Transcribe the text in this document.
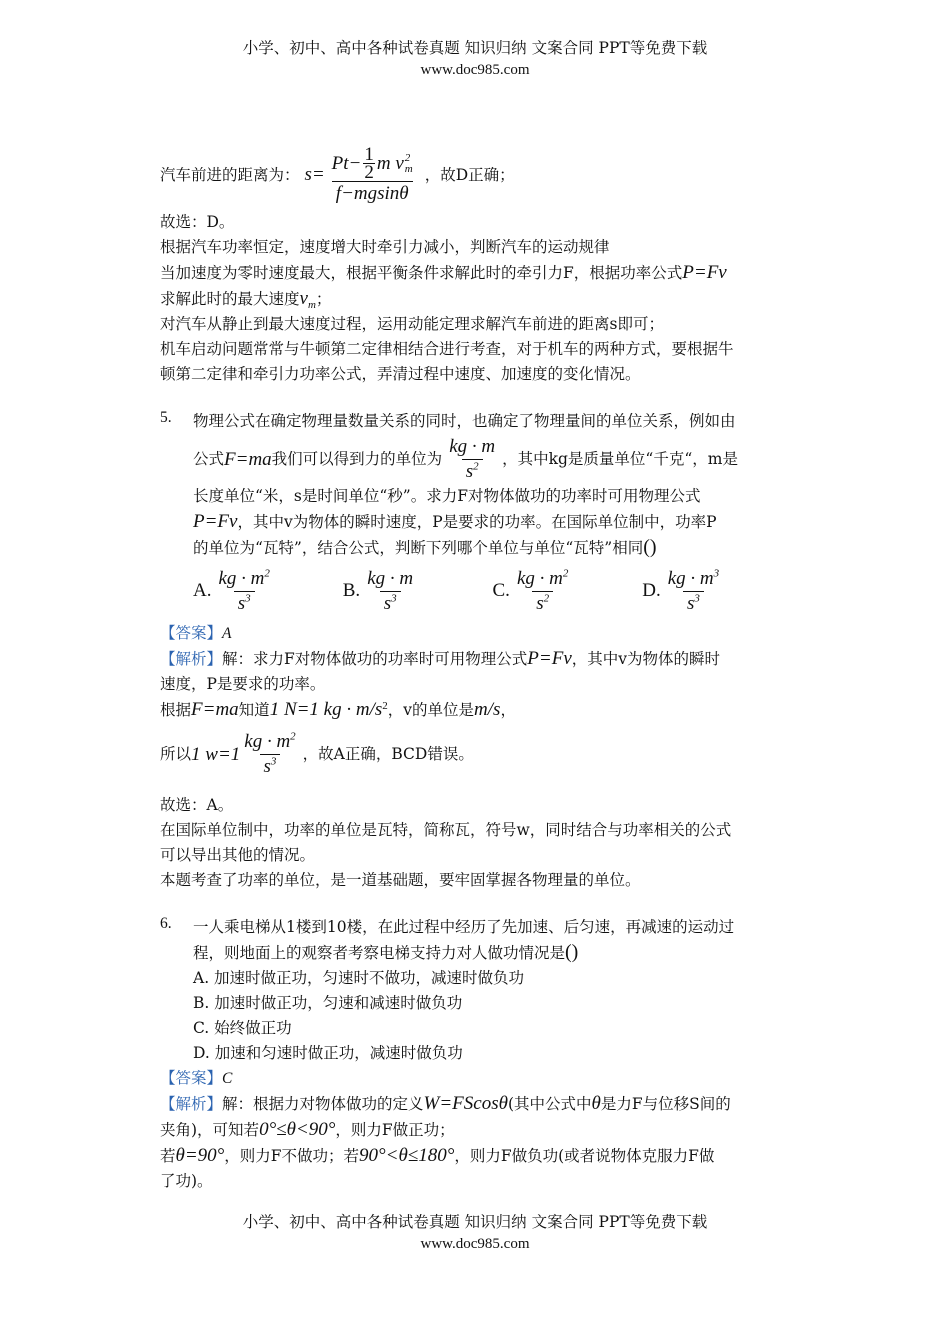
小学、初中、高中各种试卷真题 知识归纳 文案合同 PPT等免费下载
www.doc985.com
汽车前进的距离为： $s= Pt- \frac{1}{2}$ m v 2
m
f−mgsinθ ，故D正确；
故选：D。
根据汽车功率恒定，速度增大时牵引力减小，判断汽车的运动规律
当加速度为零时速度最大，根据平衡条件求解此时的牵引力F，根据功率公式P=Fv
求解此时的最大速度$v_m$；
对汽车从静止到最大速度过程，运用动能定理求解汽车前进的距离s即可；
机车启动问题常常与牛顿第二定律相结合进行考查，对于机车的两种方式，要根据牛
顿第二定律和牵引力功率公式，弄清过程中速度、加速度的变化情况。
5. 物理公式在确定物理量数量关系的同时，也确定了物理量间的单位关系，例如由
公式 F=ma 我们可以得到力的单位为 $\frac{kg \cdot m}{s^2}$ ，其中kg是质量单位“千克“，m是
长度单位“米，s是时间单位“秒”。求力F对物体做功的功率时可用物理公式
P=Fv，其中v为物体的瞬时速度，P是要求的功率。在国际单位制中，功率P
的单位为“瓦特”，结合公式，判断下列哪个单位与单位“瓦特”相同()
A. $\frac{kg \cdot m^2}{s^3}$	B. $\frac{kg \cdot m}{s^3}$	C. $\frac{kg \cdot m^2}{s^2}$	D. $\frac{kg \cdot m^3}{s^3}$
【答案】A
【解析】解：求力F对物体做功的功率时可用物理公式P=Fv，其中v为物体的瞬时
速度，P是要求的功率。
根据F=ma知道1 N=1 kg · $m/s^2$，v的单位是m/s，
所以 1 $w=1 \frac{kg \cdot m^2}{s^3}$ ，故A正确，BCD错误。
故选：A。
在国际单位制中，功率的单位是瓦特，简称瓦，符号w，同时结合与功率相关的公式
可以导出其他的情况。
本题考查了功率的单位，是一道基础题，要牢固掌握各物理量的单位。
6. 一人乘电梯从1楼到10楼，在此过程中经历了先加速、后匀速，再减速的运动过
程，则地面上的观察者考察电梯支持力对人做功情况是()
A. 加速时做正功，匀速时不做功，减速时做负功
B. 加速时做正功，匀速和减速时做负功
C. 始终做正功
D. 加速和匀速时做正功，减速时做负功
【答案】C
【解析】解：根据力对物体做功的定义W=FScosθ(其中公式中θ是力F与位移S间的
夹角)，可知若0°≤θ<90°，则力F做正功；
若θ=90°，则力F不做功；若90°<θ≤180°，则力F做负功(或者说物体克服力F做
了功)。
小学、初中、高中各种试卷真题 知识归纳 文案合同 PPT等免费下载
www.doc985.com
